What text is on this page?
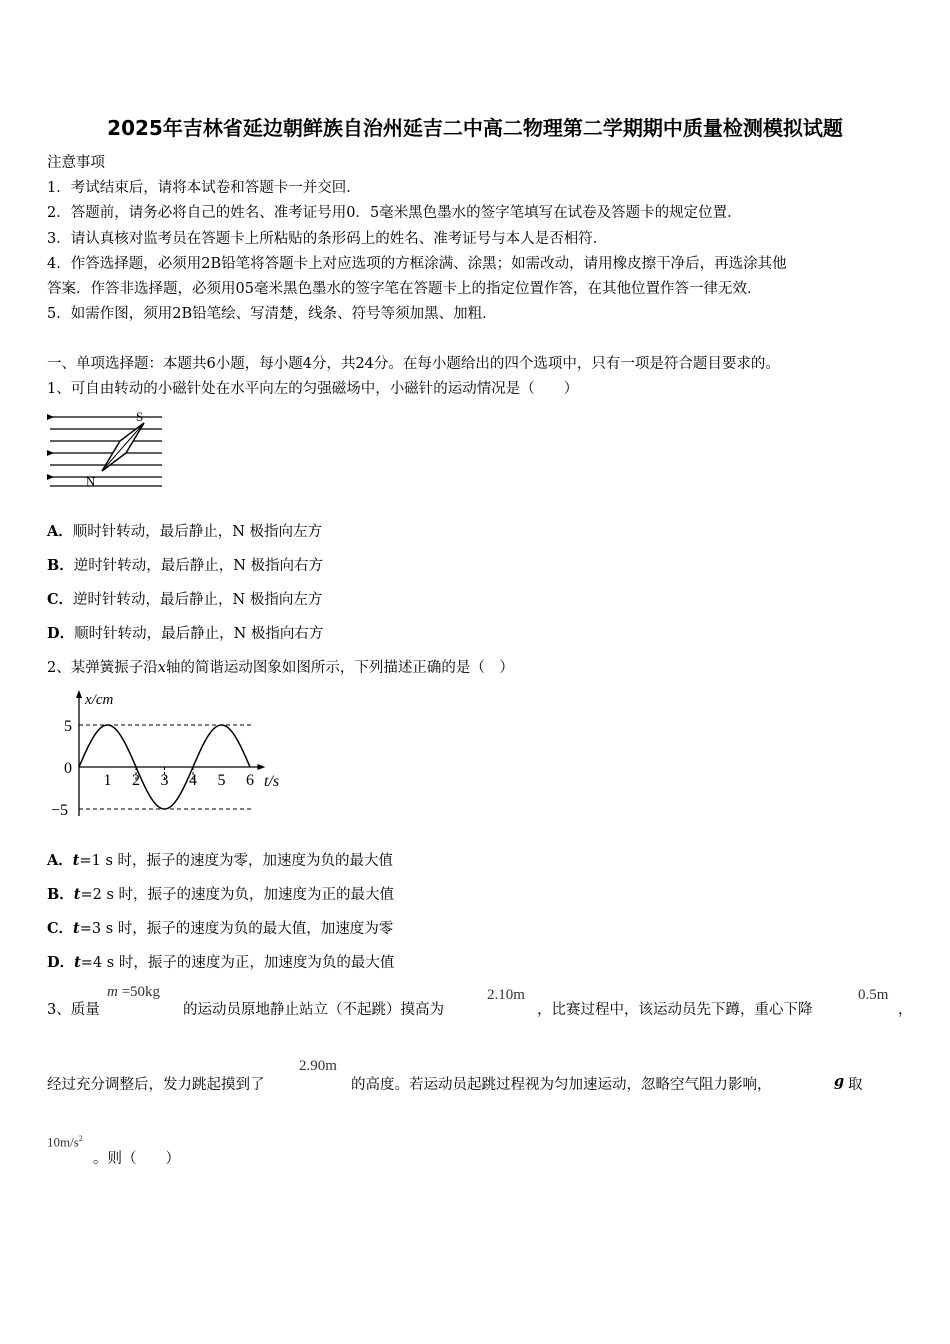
2025年吉林省延边朝鲜族自治州延吉二中高二物理第二学期期中质量检测模拟试题
注意事项
1．考试结束后，请将本试卷和答题卡一并交回．
2．答题前，请务必将自己的姓名、准考证号用0．5毫米黑色墨水的签字笔填写在试卷及答题卡的规定位置．
3．请认真核对监考员在答题卡上所粘贴的条形码上的姓名、准考证号与本人是否相符．
4．作答选择题，必须用2B铅笔将答题卡上对应选项的方框涂满、涂黑；如需改动，请用橡皮擦干净后，再选涂其他
答案．作答非选择题，必须用05毫米黑色墨水的签字笔在答题卡上的指定位置作答，在其他位置作答一律无效．
5．如需作图，须用2B铅笔绘、写清楚，线条、符号等须加黑、加粗．
一、单项选择题：本题共6小题，每小题4分，共24分。在每小题给出的四个选项中，只有一项是符合题目要求的。
1、可自由转动的小磁针处在水平向左的匀强磁场中，小磁针的运动情况是（　　）
S
N
A．顺时针转动，最后静止，N 极指向左方
B．逆时针转动，最后静止，N 极指向右方
C．逆时针转动，最后静止，N 极指向左方
D．顺时针转动，最后静止，N 极指向右方
2、某弹簧振子沿x轴的简谐运动图象如图所示，下列描述正确的是（　）
x/cm
t/s
1 2 3 4 5 6
5
0
−5
A．t=1 s 时，振子的速度为零，加速度为负的最大值
B．t=2 s 时，振子的速度为负，加速度为正的最大值
C．t=3 s 时，振子的速度为负的最大值，加速度为零
D．t=4 s 时，振子的速度为正，加速度为负的最大值
3、质量
m =50kg
的运动员原地静止站立（不起跳）摸高为
2.10m
，比赛过程中，该运动员先下蹲，重心下降
0.5m
，
经过充分调整后，发力跳起摸到了
2.90m
的高度。若运动员起跳过程视为匀加速运动，忽略空气阻力影响，	g 取
$10m/s^2$
。则（　　）
